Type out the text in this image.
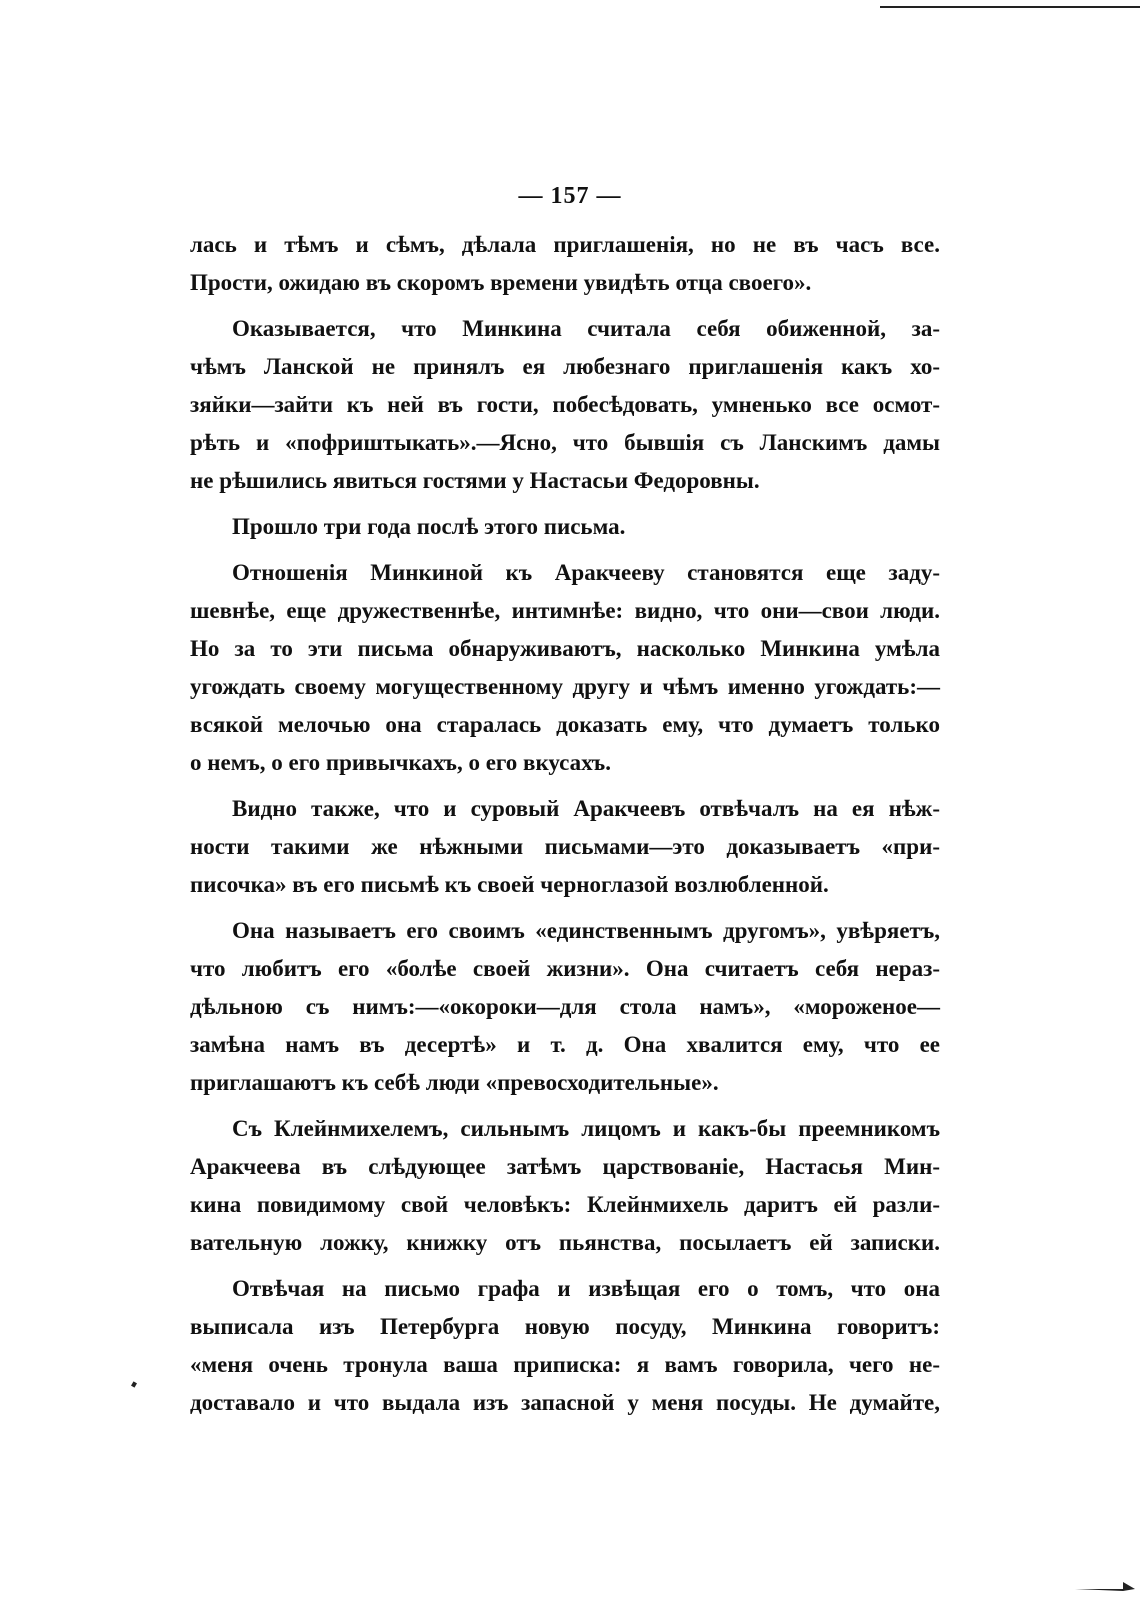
— 157 —
лась и тѣмъ и сѣмъ, дѣлала приглашенія, но не въ часъ все.
Прости, ожидаю въ скоромъ времени увидѣть отца своего».
Оказывается, что Минкина считала себя обиженной, за-
чѣмъ Ланской не принялъ ея любезнаго приглашенія какъ хо-
зяйки—зайти къ ней въ гости, побесѣдовать, умненько все осмот-
рѣть и «пофриштыкать».—Ясно, что бывшія съ Ланскимъ дамы
не рѣшились явиться гостями у Настасьи Федоровны.
Прошло три года послѣ этого письма.
Отношенія Минкиной къ Аракчееву становятся еще заду-
шевнѣе, еще дружественнѣе, интимнѣе: видно, что они—свои люди.
Но за то эти письма обнаруживаютъ, насколько Минкина умѣла
угождать своему могущественному другу и чѣмъ именно угождать:—
всякой мелочью она старалась доказать ему, что думаетъ только
о немъ, о его привычкахъ, о его вкусахъ.
Видно также, что и суровый Аракчеевъ отвѣчалъ на ея нѣж-
ности такими же нѣжными письмами—это доказываетъ «при-
писочка» въ его письмѣ къ своей черноглазой возлюбленной.
Она называетъ его своимъ «единственнымъ другомъ», увѣряетъ,
что любитъ его «болѣе своей жизни». Она считаетъ себя нераз-
дѣльною съ нимъ:—«окороки—для стола намъ», «мороженое—
замѣна намъ въ десертѣ» и т. д. Она хвалится ему, что ее
приглашаютъ къ себѣ люди «превосходительные».
Съ Клейнмихелемъ, сильнымъ лицомъ и какъ-бы преемникомъ
Аракчеева въ слѣдующее затѣмъ царствованіе, Настасья Мин-
кина повидимому свой человѣкъ: Клейнмихель даритъ ей разли-
вательную ложку, книжку отъ пьянства, посылаетъ ей записки.
Отвѣчая на письмо графа и извѣщая его о томъ, что она
выписала изъ Петербурга новую посуду, Минкина говоритъ:
«меня очень тронула ваша приписка: я вамъ говорила, чего не-
доставало и что выдала изъ запасной у меня посуды. Не думайте,
